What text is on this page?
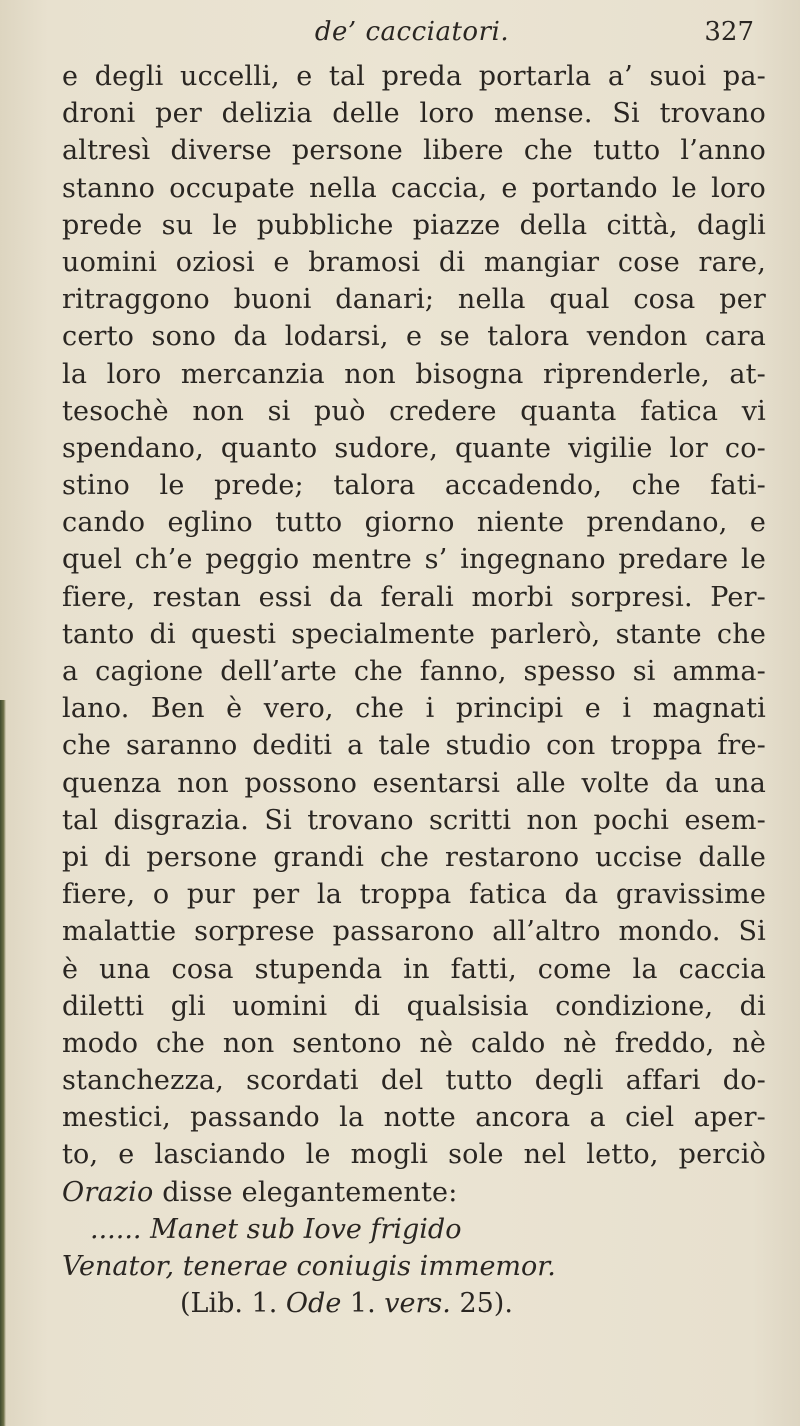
de’ cacciatori.	327
e degli uccelli, e tal preda portarla a’ suoi pa-
droni per delizia delle loro mense. Si trovano
altresì diverse persone libere che tutto l’anno
stanno occupate nella caccia, e portando le loro
prede su le pubbliche piazze della città, dagli
uomini oziosi e bramosi di mangiar cose rare,
ritraggono buoni danari; nella qual cosa per
certo sono da lodarsi, e se talora vendon cara
la loro mercanzia non bisogna riprenderle, at-
tesochè non si può credere quanta fatica vi
spendano, quanto sudore, quante vigilie lor co-
stino le prede; talora accadendo, che fati-
cando eglino tutto giorno niente prendano, e
quel ch’e peggio mentre s’ ingegnano predare le
fiere, restan essi da ferali morbi sorpresi. Per-
tanto di questi specialmente parlerò, stante che
a cagione dell’arte che fanno, spesso si amma-
lano. Ben è vero, che i principi e i magnati
che saranno dediti a tale studio con troppa fre-
quenza non possono esentarsi alle volte da una
tal disgrazia. Si trovano scritti non pochi esem-
pi di persone grandi che restarono uccise dalle
fiere, o pur per la troppa fatica da gravissime
malattie sorprese passarono all’altro mondo. Si
è una cosa stupenda in fatti, come la caccia
diletti gli uomini di qualsisia condizione, di
modo che non sentono nè caldo nè freddo, nè
stanchezza, scordati del tutto degli affari do-
mestici, passando la notte ancora a ciel aper-
to, e lasciando le mogli sole nel letto, perciò
Orazio disse elegantemente:
...... Manet sub Iove frigido
Venator, tenerae coniugis immemor.
(Lib. 1. Ode 1. vers. 25).
